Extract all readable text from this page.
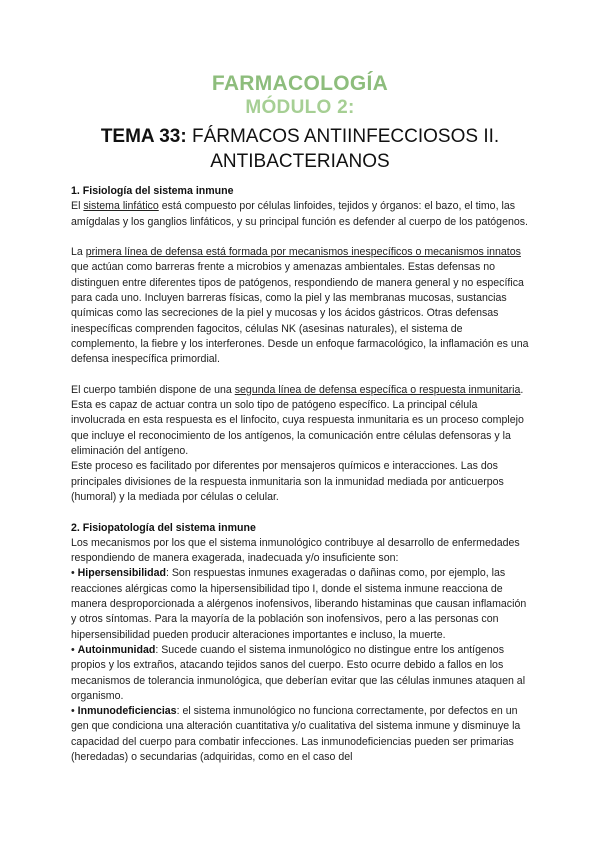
FARMACOLOGÍA
MÓDULO 2:
TEMA 33: FÁRMACOS ANTIINFECCIOSOS II.
ANTIBACTERIANOS

1. Fisiología del sistema inmune

El sistema linfático está compuesto por células linfoides, tejidos y órganos: el bazo, el timo, las amígdalas y los ganglios linfáticos, y su principal función es defender al cuerpo de los patógenos.

La primera línea de defensa está formada por mecanismos inespecíficos o mecanismos innatos que actúan como barreras frente a microbios y amenazas ambientales. Estas defensas no distinguen entre diferentes tipos de patógenos, respondiendo de manera general y no específica para cada uno. Incluyen barreras físicas, como la piel y las membranas mucosas, sustancias químicas como las secreciones de la piel y mucosas y los ácidos gástricos. Otras defensas inespecíficas comprenden fagocitos, células NK (asesinas naturales), el sistema de complemento, la fiebre y los interferones. Desde un enfoque farmacológico, la inflamación es una defensa inespecífica primordial.

El cuerpo también dispone de una segunda línea de defensa específica o respuesta inmunitaria. Esta es capaz de actuar contra un solo tipo de patógeno específico. La principal célula involucrada en esta respuesta es el linfocito, cuya respuesta inmunitaria es un proceso complejo que incluye el reconocimiento de los antígenos, la comunicación entre células defensoras y la eliminación del antígeno.

Este proceso es facilitado por diferentes por mensajeros químicos e interacciones. Las dos principales divisiones de la respuesta inmunitaria son la inmunidad mediada por anticuerpos (humoral) y la mediada por células o celular.

2. Fisiopatología del sistema inmune

Los mecanismos por los que el sistema inmunológico contribuye al desarrollo de enfermedades respondiendo de manera exagerada, inadecuada y/o insuficiente son:

• Hipersensibilidad: Son respuestas inmunes exageradas o dañinas como, por ejemplo, las reacciones alérgicas como la hipersensibilidad tipo I, donde el sistema inmune reacciona de manera desproporcionada a alérgenos inofensivos, liberando histaminas que causan inflamación y otros síntomas. Para la mayoría de la población son inofensivos, pero a las personas con hipersensibilidad pueden producir alteraciones importantes e incluso, la muerte.

• Autoinmunidad: Sucede cuando el sistema inmunológico no distingue entre los antígenos propios y los extraños, atacando tejidos sanos del cuerpo. Esto ocurre debido a fallos en los mecanismos de tolerancia inmunológica, que deberían evitar que las células inmunes ataquen al organismo.

• Inmunodeficiencias: el sistema inmunológico no funciona correctamente, por defectos en un gen que condiciona una alteración cuantitativa y/o cualitativa del sistema inmune y disminuye la capacidad del cuerpo para combatir infecciones. Las inmunodeficiencias pueden ser primarias (heredadas) o secundarias (adquiridas, como en el caso del
